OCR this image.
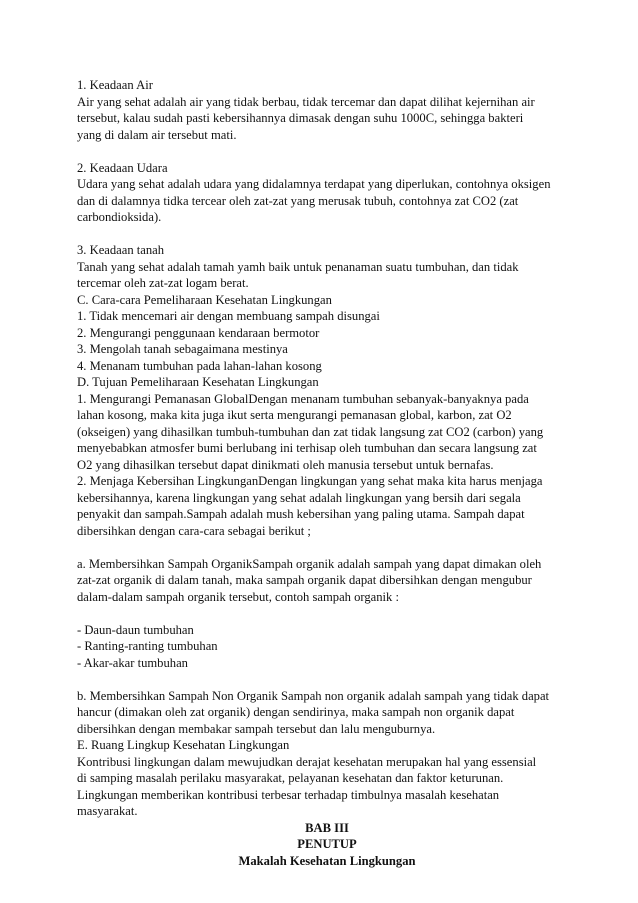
1. Keadaan Air
Air yang sehat adalah air yang tidak berbau, tidak tercemar dan dapat dilihat kejernihan air
tersebut, kalau sudah pasti kebersihannya dimasak dengan suhu 1000C, sehingga bakteri
yang di dalam air tersebut mati.
2. Keadaan Udara
Udara yang sehat adalah udara yang didalamnya terdapat yang diperlukan, contohnya oksigen
dan di dalamnya tidka tercear oleh zat-zat yang merusak tubuh, contohnya zat CO2 (zat
carbondioksida).
3. Keadaan tanah
Tanah yang sehat adalah tamah yamh baik untuk penanaman suatu tumbuhan, dan tidak
tercemar oleh zat-zat logam berat.
C. Cara-cara Pemeliharaan Kesehatan Lingkungan
1. Tidak mencemari air dengan membuang sampah disungai
2. Mengurangi penggunaan kendaraan bermotor
3. Mengolah tanah sebagaimana mestinya
4. Menanam tumbuhan pada lahan-lahan kosong
D. Tujuan Pemeliharaan Kesehatan Lingkungan
1. Mengurangi Pemanasan GlobalDengan menanam tumbuhan sebanyak-banyaknya pada
lahan kosong, maka kita juga ikut serta mengurangi pemanasan global, karbon, zat O2
(okseigen) yang dihasilkan tumbuh-tumbuhan dan zat tidak langsung zat CO2 (carbon) yang
menyebabkan atmosfer bumi berlubang ini terhisap oleh tumbuhan dan secara langsung zat
O2 yang dihasilkan tersebut dapat dinikmati oleh manusia tersebut untuk bernafas.
2. Menjaga Kebersihan LingkunganDengan lingkungan yang sehat maka kita harus menjaga
kebersihannya, karena lingkungan yang sehat adalah lingkungan yang bersih dari segala
penyakit dan sampah.Sampah adalah mush kebersihan yang paling utama. Sampah dapat
dibersihkan dengan cara-cara sebagai berikut ;
a. Membersihkan Sampah OrganikSampah organik adalah sampah yang dapat dimakan oleh
zat-zat organik di dalam tanah, maka sampah organik dapat dibersihkan dengan mengubur
dalam-dalam sampah organik tersebut, contoh sampah organik :
- Daun-daun tumbuhan
- Ranting-ranting tumbuhan
- Akar-akar tumbuhan
b. Membersihkan Sampah Non Organik Sampah non organik adalah sampah yang tidak dapat
hancur (dimakan oleh zat organik) dengan sendirinya, maka sampah non organik dapat
dibersihkan dengan membakar sampah tersebut dan lalu menguburnya.
E. Ruang Lingkup Kesehatan Lingkungan
Kontribusi lingkungan dalam mewujudkan derajat kesehatan merupakan hal yang essensial
di samping masalah perilaku masyarakat, pelayanan kesehatan dan faktor keturunan.
Lingkungan memberikan kontribusi terbesar terhadap timbulnya masalah kesehatan
masyarakat.
BAB III
PENUTUP
Makalah Kesehatan Lingkungan
